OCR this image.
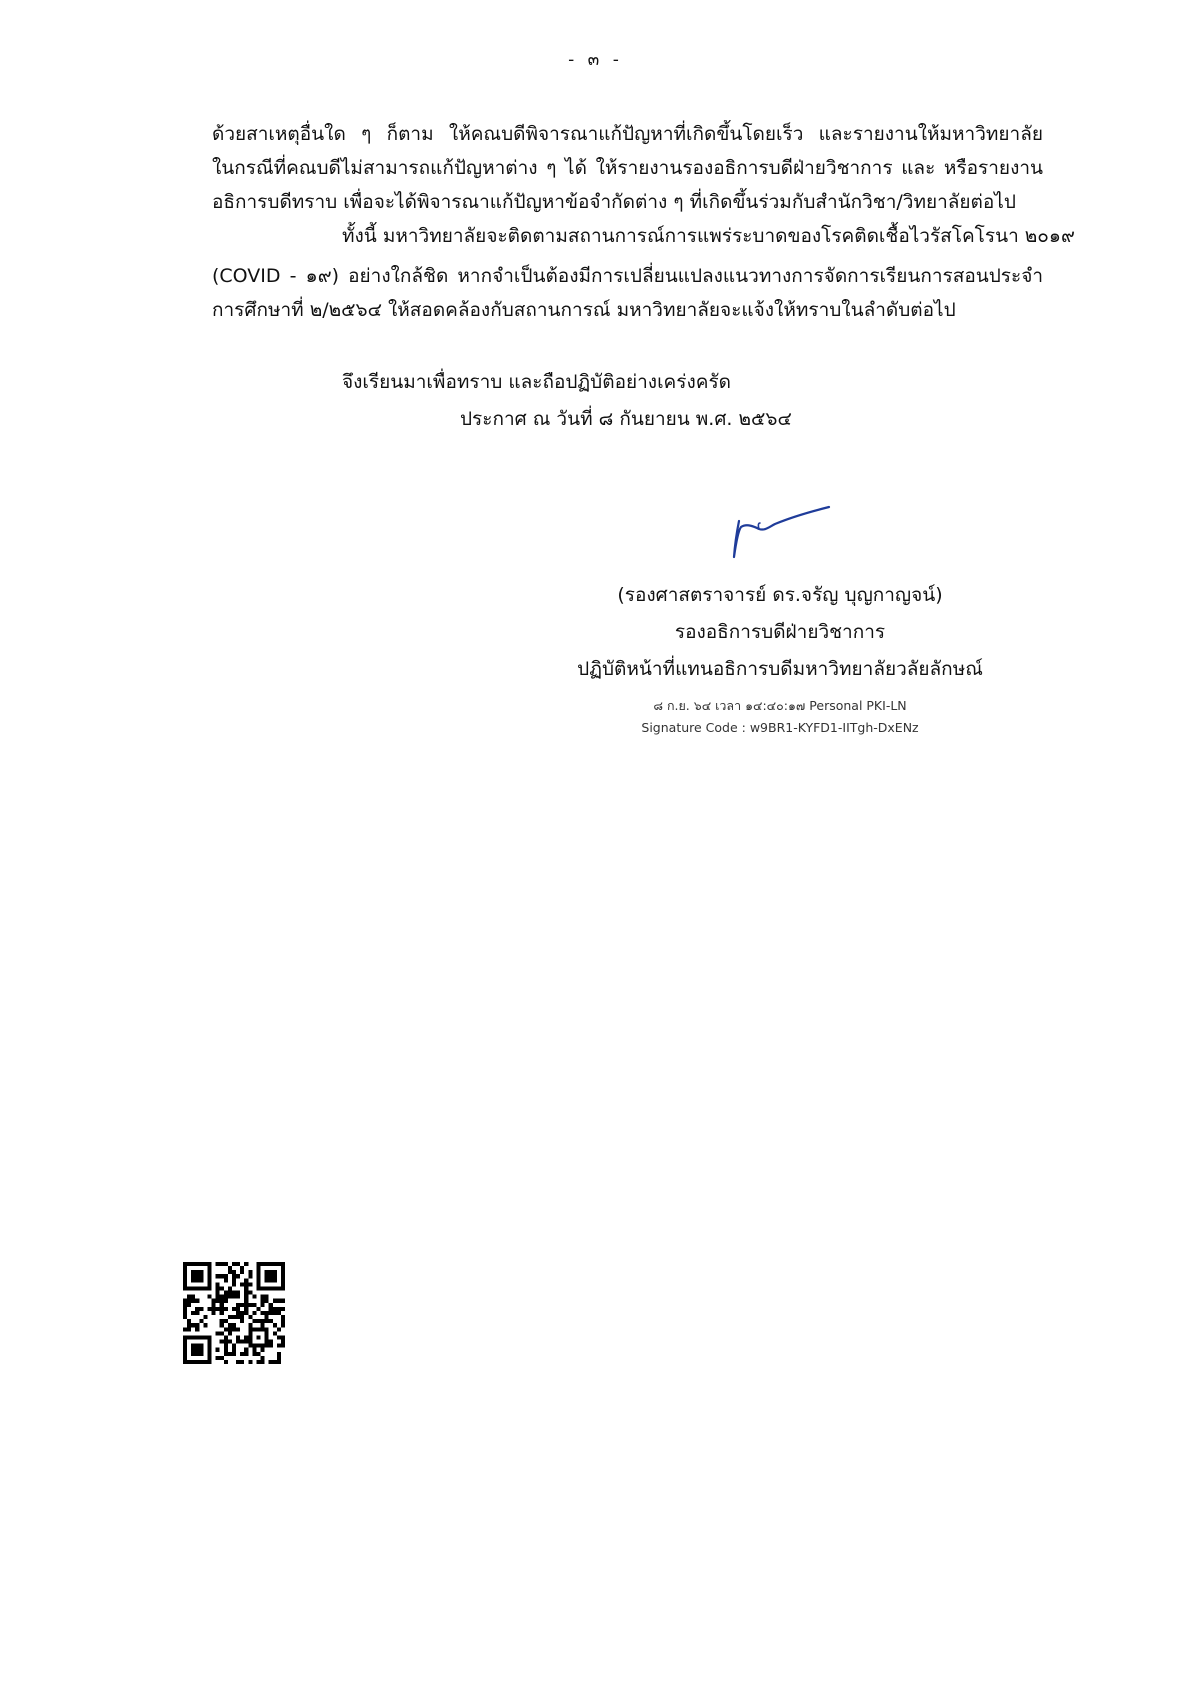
- ๓ -
ด้วยสาเหตุอื่นใด ๆ ก็ตาม ให้คณบดีพิจารณาแก้ปัญหาที่เกิดขึ้นโดยเร็ว และรายงานให้มหาวิทยาลัย
ในกรณีที่คณบดีไม่สามารถแก้ปัญหาต่าง ๆ ได้ ให้รายงานรองอธิการบดีฝ่ายวิชาการ และ หรือรายงาน
อธิการบดีทราบ เพื่อจะได้พิจารณาแก้ปัญหาข้อจำกัดต่าง ๆ ที่เกิดขึ้นร่วมกับสำนักวิชา/วิทยาลัยต่อไป
ทั้งนี้ มหาวิทยาลัยจะติดตามสถานการณ์การแพร่ระบาดของโรคติดเชื้อไวรัสโคโรนา ๒๐๑๙
(COVID - ๑๙) อย่างใกล้ชิด หากจำเป็นต้องมีการเปลี่ยนแปลงแนวทางการจัดการเรียนการสอนประจำ
การศึกษาที่ ๒/๒๕๖๔ ให้สอดคล้องกับสถานการณ์ มหาวิทยาลัยจะแจ้งให้ทราบในลำดับต่อไป
จึงเรียนมาเพื่อทราบ และถือปฏิบัติอย่างเคร่งครัด
ประกาศ ณ วันที่ ๘ กันยายน พ.ศ. ๒๕๖๔
(รองศาสตราจารย์ ดร.จรัญ บุญกาญจน์)
รองอธิการบดีฝ่ายวิชาการ
ปฏิบัติหน้าที่แทนอธิการบดีมหาวิทยาลัยวลัยลักษณ์
๘ ก.ย. ๖๔ เวลา ๑๔:๔๐:๑๗ Personal PKI-LN
Signature Code : w9BR1-KYFD1-IITgh-DxENz
